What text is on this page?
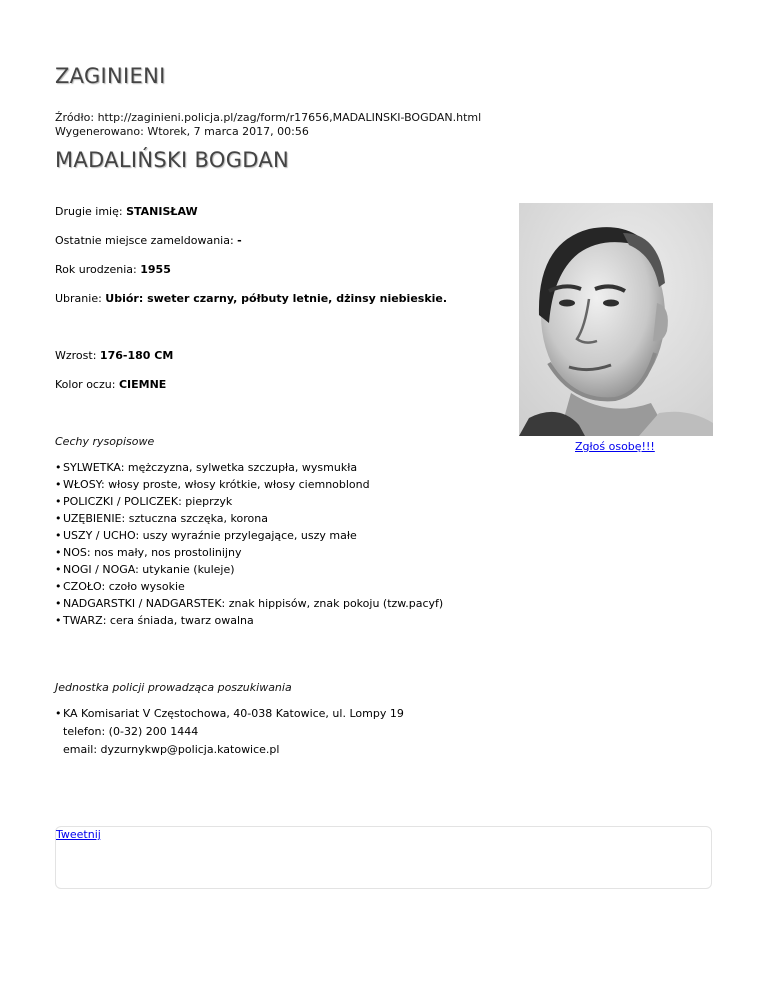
ZAGINIENI
Źródło: http://zaginieni.policja.pl/zag/form/r17656,MADALINSKI-BOGDAN.html
Wygenerowano: Wtorek, 7 marca 2017, 00:56
MADALIŃSKI BOGDAN
Drugie imię: STANISŁAW
Ostatnie miejsce zameldowania: -
Rok urodzenia: 1955
Ubranie: Ubiór: sweter czarny, półbuty letnie, dżinsy niebieskie.
Wzrost: 176-180 CM
Kolor oczu: CIEMNE
Cechy rysopisowe
• SYLWETKA: mężczyzna, sylwetka szczupła, wysmukła
• WŁOSY: włosy proste, włosy krótkie, włosy ciemnoblond
• POLICZKI / POLICZEK: pieprzyk
• UZĘBIENIE: sztuczna szczęka, korona
• USZY / UCHO: uszy wyraźnie przylegające, uszy małe
• NOS: nos mały, nos prostolinijny
• NOGI / NOGA: utykanie (kuleje)
• CZOŁO: czoło wysokie
• NADGARSTKI / NADGARSTEK: znak hippisów, znak pokoju (tzw.pacyf)
• TWARZ: cera śniada, twarz owalna
Jednostka policji prowadząca poszukiwania
• KA Komisariat V Częstochowa, 40-038 Katowice, ul. Lompy 19
telefon: (0-32) 200 1444
email: dyzurnykwp@policja.katowice.pl
Zgłoś osobę!!!
Tweetnij
